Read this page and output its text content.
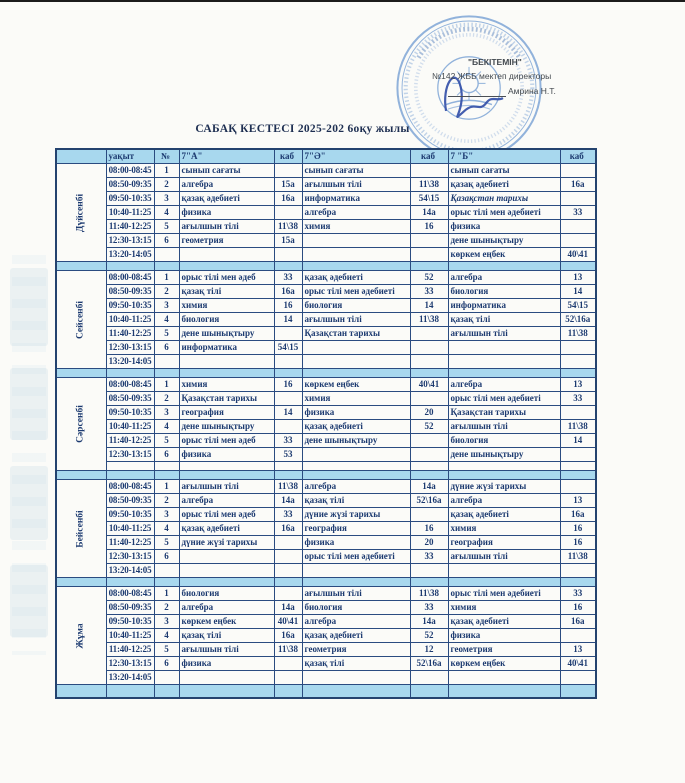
"БЕКІТЕМІН"
№142 ЖББ мектеп директоры
Амрина Н.Т.
САБАҚ КЕСТЕСІ 2025-202 6оқу жылы
	уақыт	№	7"А"	каб	7"Ә"	каб	7 "Б"	каб

Дүйсенбі	08:00-08:45	1	сынып сағаты		сынып сағаты		сынып сағаты	
	08:50-09:35	2	алгебра	15а	ағылшын тілі	11\38	қазақ әдебиеті	16а
	09:50-10:35	3	қазақ әдебиеті	16а	информатика	54\15	Қазақстан тарихы	
	10:40-11:25	4	физика		алгебра	14а	орыс тілі мен әдебиеті	33
	11:40-12:25	5	ағылшын тілі	11\38	химия	16	физика	
	12:30-13:15	6	геометрия	15а			дене шынықтыру	
	13:20-14:05						көркем еңбек	40\41

Сейсенбі	08:00-08:45	1	орыс тілі мен әдеб	33	қазақ әдебиеті	52	алгебра	13
	08:50-09:35	2	қазақ тілі	16а	орыс тілі мен әдебиеті	33	биология	14
	09:50-10:35	3	химия	16	биология	14	информатика	54\15
	10:40-11:25	4	биология	14	ағылшын тілі	11\38	қазақ тілі	52\16а
	11:40-12:25	5	дене шынықтыру		Қазақстан тарихы		ағылшын тілі	11\38
	12:30-13:15	6	информатика	54\15				
	13:20-14:05							

Сәрсенбі	08:00-08:45	1	химия	16	көркем еңбек	40\41	алгебра	13
	08:50-09:35	2	Қазақстан тарихы		химия		орыс тілі мен әдебиеті	33
	09:50-10:35	3	география	14	физика	20	Қазақстан тарихы	
	10:40-11:25	4	дене шынықтыру		қазақ әдебиеті	52	ағылшын тілі	11\38
	11:40-12:25	5	орыс тілі мен әдеб	33	дене шынықтыру		биология	14
	12:30-13:15	6	физика	53			дене шынықтыру	

Бейсенбі	08:00-08:45	1	ағылшын тілі	11\38	алгебра	14а	дүние жүзі тарихы	
	08:50-09:35	2	алгебра	14а	қазақ тілі	52\16а	алгебра	13
	09:50-10:35	3	орыс тілі мен әдеб	33	дүние жүзі тарихы		қазақ әдебиеті	16а
	10:40-11:25	4	қазақ әдебиеті	16а	география	16	химия	16
	11:40-12:25	5	дүние жүзі тарихы		физика	20	география	16
	12:30-13:15	6			орыс тілі мен әдебиеті	33	ағылшын тілі	11\38
	13:20-14:05							

Жұма	08:00-08:45	1	биология		ағылшын тілі	11\38	орыс тілі мен әдебиеті	33
	08:50-09:35	2	алгебра	14а	биология	33	химия	16
	09:50-10:35	3	көркем еңбек	40\41	алгебра	14а	қазақ әдебиеті	16а
	10:40-11:25	4	қазақ тілі	16а	қазақ әдебиеті	52	физика	
	11:40-12:25	5	ағылшын тілі	11\38	геометрия	12	геометрия	13
	12:30-13:15	6	физика		қазақ тілі	52\16а	көркем еңбек	40\41
	13:20-14:05							
